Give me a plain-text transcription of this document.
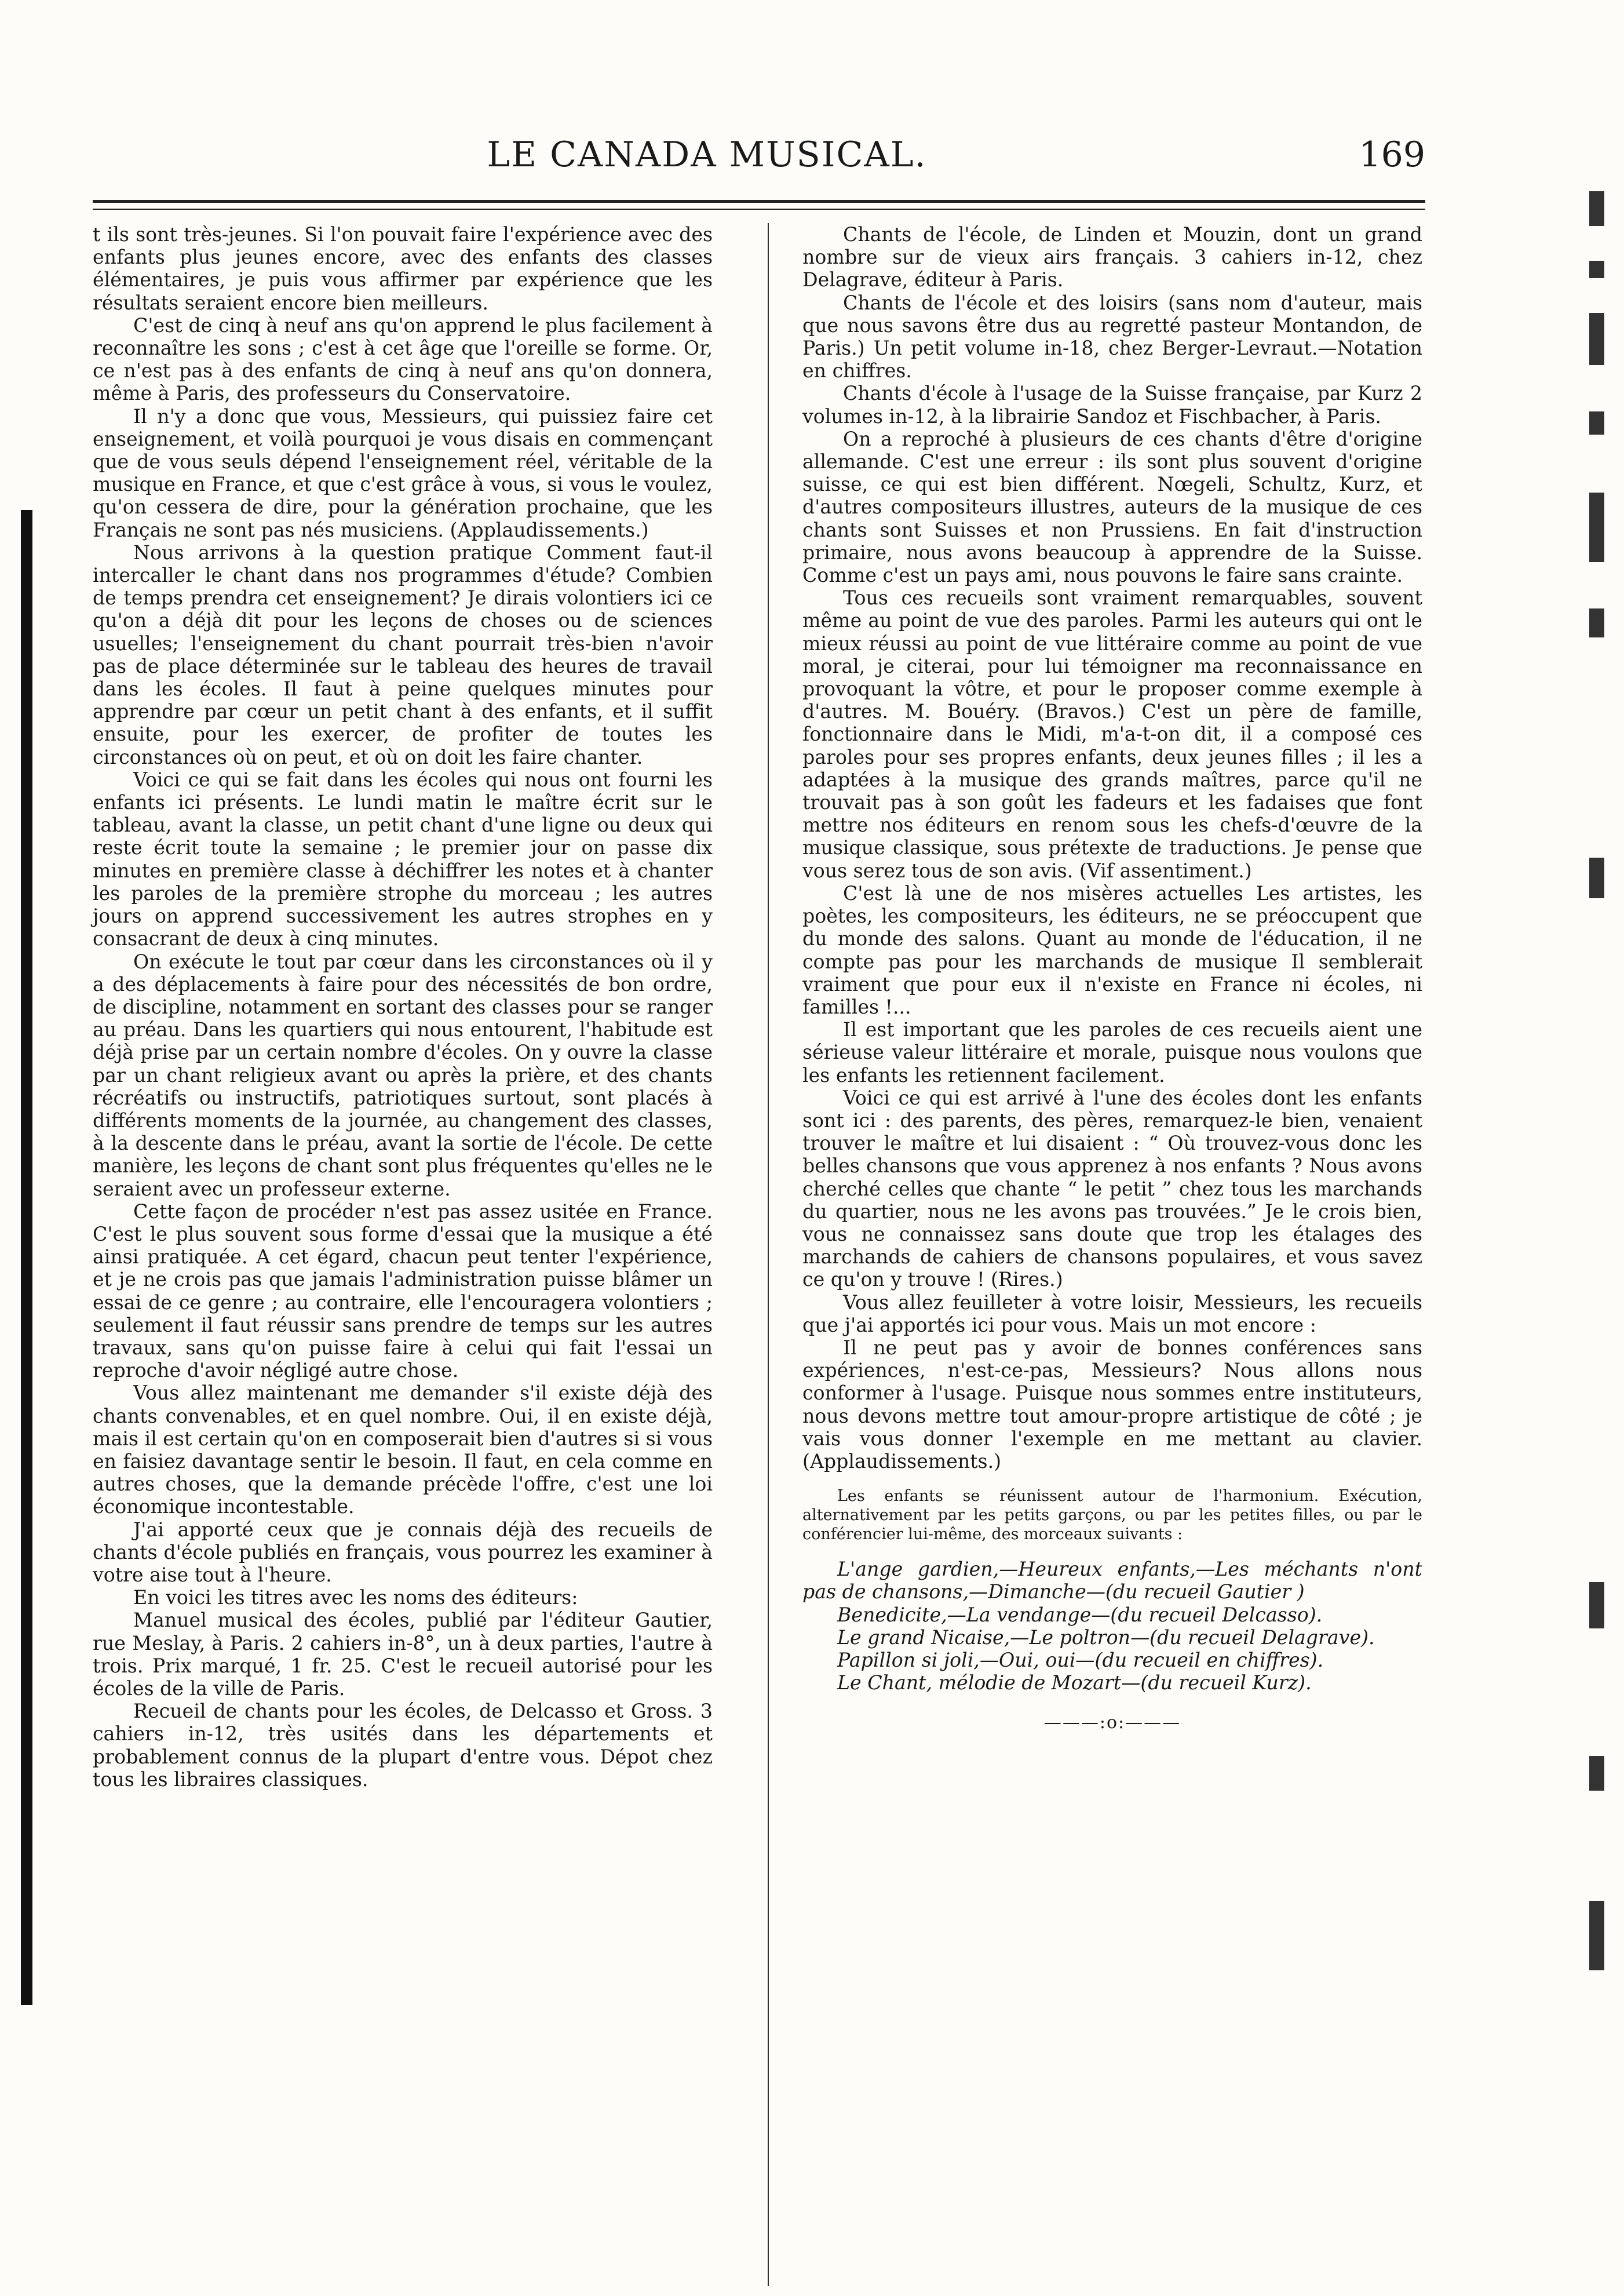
LE CANADA MUSICAL.	169

t ils sont très-jeunes. Si l'on pouvait faire l'expérience avec des enfants plus jeunes encore, avec des enfants des classes élémentaires, je puis vous affirmer par expérience que les résultats seraient encore bien meilleurs.

C'est de cinq à neuf ans qu'on apprend le plus facilement à reconnaître les sons ; c'est à cet âge que l'oreille se forme. Or, ce n'est pas à des enfants de cinq à neuf ans qu'on donnera, même à Paris, des professeurs du Conservatoire.

Il n'y a donc que vous, Messieurs, qui puissiez faire cet enseignement, et voilà pourquoi je vous disais en commençant que de vous seuls dépend l'enseignement réel, véritable de la musique en France, et que c'est grâce à vous, si vous le voulez, qu'on cessera de dire, pour la génération prochaine, que les Français ne sont pas nés musiciens. (Applaudissements.)

Nous arrivons à la question pratique Comment faut-il intercaller le chant dans nos programmes d'étude? Combien de temps prendra cet enseignement? Je dirais volontiers ici ce qu'on a déjà dit pour les leçons de choses ou de sciences usuelles; l'enseignement du chant pourrait très-bien n'avoir pas de place déterminée sur le tableau des heures de travail dans les écoles. Il faut à peine quelques minutes pour apprendre par cœur un petit chant à des enfants, et il suffit ensuite, pour les exercer, de profiter de toutes les circonstances où on peut, et où on doit les faire chanter.

Voici ce qui se fait dans les écoles qui nous ont fourni les enfants ici présents. Le lundi matin le maître écrit sur le tableau, avant la classe, un petit chant d'une ligne ou deux qui reste écrit toute la semaine ; le premier jour on passe dix minutes en première classe à déchiffrer les notes et à chanter les paroles de la première strophe du morceau ; les autres jours on apprend successivement les autres strophes en y consacrant de deux à cinq minutes.

On exécute le tout par cœur dans les circonstances où il y a des déplacements à faire pour des nécessités de bon ordre, de discipline, notamment en sortant des classes pour se ranger au préau. Dans les quartiers qui nous entourent, l'habitude est déjà prise par un certain nombre d'écoles. On y ouvre la classe par un chant religieux avant ou après la prière, et des chants récréatifs ou instructifs, patriotiques surtout, sont placés à différents moments de la journée, au changement des classes, à la descente dans le préau, avant la sortie de l'école. De cette manière, les leçons de chant sont plus fréquentes qu'elles ne le seraient avec un professeur externe.

Cette façon de procéder n'est pas assez usitée en France. C'est le plus souvent sous forme d'essai que la musique a été ainsi pratiquée. A cet égard, chacun peut tenter l'expérience, et je ne crois pas que jamais l'administration puisse blâmer un essai de ce genre ; au contraire, elle l'encouragera volontiers ; seulement il faut réussir sans prendre de temps sur les autres travaux, sans qu'on puisse faire à celui qui fait l'essai un reproche d'avoir négligé autre chose.

Vous allez maintenant me demander s'il existe déjà des chants convenables, et en quel nombre. Oui, il en existe déjà, mais il est certain qu'on en composerait bien d'autres si si vous en faisiez davantage sentir le besoin. Il faut, en cela comme en autres choses, que la demande précède l'offre, c'est une loi économique incontestable.

J'ai apporté ceux que je connais déjà des recueils de chants d'école publiés en français, vous pourrez les examiner à votre aise tout à l'heure.

En voici les titres avec les noms des éditeurs:

Manuel musical des écoles, publié par l'éditeur Gautier, rue Meslay, à Paris. 2 cahiers in-8°, un à deux parties, l'autre à trois. Prix marqué, 1 fr. 25. C'est le recueil autorisé pour les écoles de la ville de Paris.

Recueil de chants pour les écoles, de Delcasso et Gross. 3 cahiers in-12, très usités dans les départements et probablement connus de la plupart d'entre vous. Dépot chez tous les libraires classiques.

Chants de l'école, de Linden et Mouzin, dont un grand nombre sur de vieux airs français. 3 cahiers in-12, chez Delagrave, éditeur à Paris.

Chants de l'école et des loisirs (sans nom d'auteur, mais que nous savons être dus au regretté pasteur Montandon, de Paris.) Un petit volume in-18, chez Berger-Levraut.—Notation en chiffres.

Chants d'école à l'usage de la Suisse française, par Kurz 2 volumes in-12, à la librairie Sandoz et Fischbacher, à Paris.

On a reproché à plusieurs de ces chants d'être d'origine allemande. C'est une erreur : ils sont plus souvent d'origine suisse, ce qui est bien différent. Nœgeli, Schultz, Kurz, et d'autres compositeurs illustres, auteurs de la musique de ces chants sont Suisses et non Prussiens. En fait d'instruction primaire, nous avons beaucoup à apprendre de la Suisse. Comme c'est un pays ami, nous pouvons le faire sans crainte.

Tous ces recueils sont vraiment remarquables, souvent même au point de vue des paroles. Parmi les auteurs qui ont le mieux réussi au point de vue littéraire comme au point de vue moral, je citerai, pour lui témoigner ma reconnaissance en provoquant la vôtre, et pour le proposer comme exemple à d'autres. M. Bouéry. (Bravos.) C'est un père de famille, fonctionnaire dans le Midi, m'a-t-on dit, il a composé ces paroles pour ses propres enfants, deux jeunes filles ; il les a adaptées à la musique des grands maîtres, parce qu'il ne trouvait pas à son goût les fadeurs et les fadaises que font mettre nos éditeurs en renom sous les chefs-d'œuvre de la musique classique, sous prétexte de traductions. Je pense que vous serez tous de son avis. (Vif assentiment.)

C'est là une de nos misères actuelles Les artistes, les poètes, les compositeurs, les éditeurs, ne se préoccupent que du monde des salons. Quant au monde de l'éducation, il ne compte pas pour les marchands de musique Il semblerait vraiment que pour eux il n'existe en France ni écoles, ni familles !...

Il est important que les paroles de ces recueils aient une sérieuse valeur littéraire et morale, puisque nous voulons que les enfants les retiennent facilement.

Voici ce qui est arrivé à l'une des écoles dont les enfants sont ici : des parents, des pères, remarquez-le bien, venaient trouver le maître et lui disaient : “ Où trouvez-vous donc les belles chansons que vous apprenez à nos enfants ? Nous avons cherché celles que chante “ le petit ” chez tous les marchands du quartier, nous ne les avons pas trouvées.” Je le crois bien, vous ne connaissez sans doute que trop les étalages des marchands de cahiers de chansons populaires, et vous savez ce qu'on y trouve ! (Rires.)

Vous allez feuilleter à votre loisir, Messieurs, les recueils que j'ai apportés ici pour vous. Mais un mot encore :

Il ne peut pas y avoir de bonnes conférences sans expériences, n'est-ce-pas, Messieurs? Nous allons nous conformer à l'usage. Puisque nous sommes entre instituteurs, nous devons mettre tout amour-propre artistique de côté ; je vais vous donner l'exemple en me mettant au clavier. (Applaudissements.)

Les enfants se réunissent autour de l'harmonium. Exécution, alternativement par les petits garçons, ou par les petites filles, ou par le conférencier lui-même, des morceaux suivants :

L'ange gardien,—Heureux enfants,—Les méchants n'ont pas de chansons,—Dimanche—(du recueil Gautier )

Benedicite,—La vendange—(du recueil Delcasso).

Le grand Nicaise,—Le poltron—(du recueil Delagrave).

Papillon si joli,—Oui, oui—(du recueil en chiffres).

Le Chant, mélodie de Mozart—(du recueil Kurz).

———:o:———
